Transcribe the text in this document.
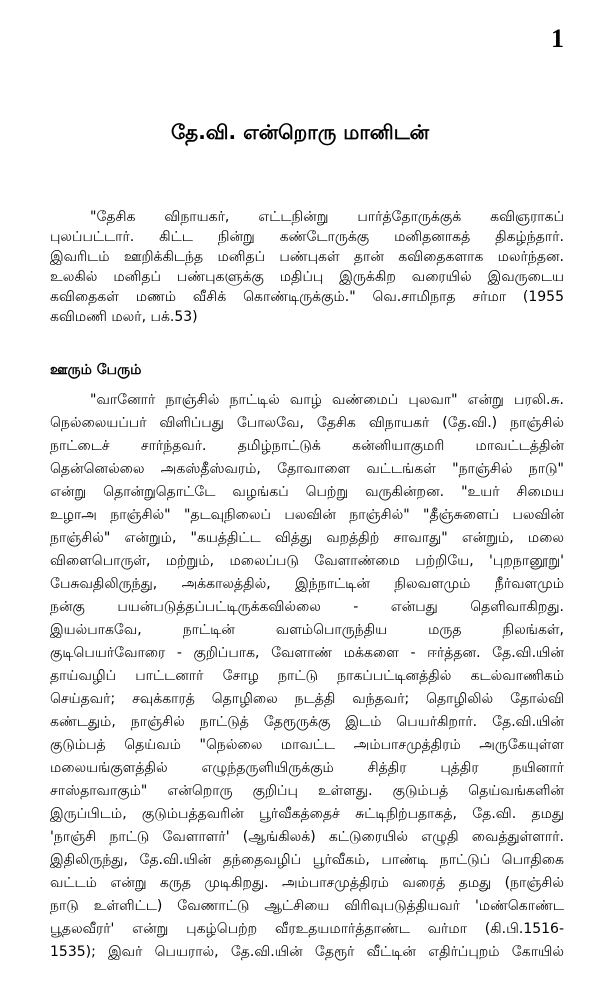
1
தே.வி. என்றொரு மானிடன்
"தேசிக விநாயகர், எட்டநின்று பார்த்தோருக்குக் கவிஞராகப்
புலப்பட்டார். கிட்ட நின்று கண்டோருக்கு மனிதனாகத் திகழ்ந்தார்.
இவரிடம் ஊறிக்கிடந்த மனிதப் பண்புகள் தான் கவிதைகளாக மலர்ந்தன.
உலகில் மனிதப் பண்புகளுக்கு மதிப்பு இருக்கிற வரையில் இவருடைய
கவிதைகள் மணம் வீசிக் கொண்டிருக்கும்." வெ.சாமிநாத சர்மா (1955
கவிமணி மலர், பக்.53)
ஊரும் பேரும்
"வானோர் நாஞ்சில் நாட்டில் வாழ் வண்மைப் புலவா" என்று பரலி.சு.
நெல்லையப்பர் விளிப்பது போலவே, தேசிக விநாயகர் (தே.வி.) நாஞ்சில்
நாட்டைச் சார்ந்தவர். தமிழ்நாட்டுக் கன்னியாகுமரி மாவட்டத்தின்
தென்னெல்லை அகஸ்தீஸ்வரம், தோவாளை வட்டங்கள் "நாஞ்சில் நாடு"
என்று தொன்றுதொட்டே வழங்கப் பெற்று வருகின்றன. "உயர் சிமைய
உழாஅ நாஞ்சில்" "தடவுநிலைப் பலவின் நாஞ்சில்" "தீஞ்சுளைப் பலவின்
நாஞ்சில்" என்றும், "கயத்திட்ட வித்து வறத்திற் சாவாது" என்றும், மலை
விளைபொருள், மற்றும், மலைப்படு வேளாண்மை பற்றியே, 'புறநானூறு'
பேசுவதிலிருந்து, அக்காலத்தில், இந்நாட்டின் நிலவளமும் நீர்வளமும்
நன்கு பயன்படுத்தப்பட்டிருக்கவில்லை - என்பது தெளிவாகிறது.
இயல்பாகவே, நாட்டின் வளம்பொருந்திய மருத நிலங்கள்,
குடிபெயர்வோரை - குறிப்பாக, வேளாண் மக்களை - ஈர்த்தன. தே.வி.யின்
தாய்வழிப் பாட்டனார் சோழ நாட்டு நாகப்பட்டினத்தில் கடல்வாணிகம்
செய்தவர்; சவுக்காரத் தொழிலை நடத்தி வந்தவர்; தொழிலில் தோல்வி
கண்டதும், நாஞ்சில் நாட்டுத் தேரூருக்கு இடம் பெயர்கிறார். தே.வி.யின்
குடும்பத் தெய்வம் "நெல்லை மாவட்ட அம்பாசமுத்திரம் அருகேயுள்ள
மலையங்குளத்தில் எழுந்தருளியிருக்கும் சித்திர புத்திர நயினார்
சாஸ்தாவாகும்" என்றொரு குறிப்பு உள்ளது. குடும்பத் தெய்வங்களின்
இருப்பிடம், குடும்பத்தவரின் பூர்வீகத்தைச் சுட்டிநிற்பதாகத், தே.வி. தமது
'நாஞ்சி நாட்டு வேளாளர்' (ஆங்கிலக்) கட்டுரையில் எழுதி வைத்துள்ளார்.
இதிலிருந்து, தே.வி.யின் தந்தைவழிப் பூர்வீகம், பாண்டி நாட்டுப் பொதிகை
வட்டம் என்று கருத முடிகிறது. அம்பாசமுத்திரம் வரைத் தமது (நாஞ்சில்
நாடு உள்ளிட்ட) வேணாட்டு ஆட்சியை விரிவுபடுத்தியவர் 'மண்கொண்ட
பூதலவீரர்' என்று புகழ்பெற்ற வீரஉதயமார்த்தாண்ட வர்மா (கி.பி.1516-
1535); இவர் பெயரால், தே.வி.யின் தேரூர் வீட்டின் எதிர்ப்புறம் கோயில்
